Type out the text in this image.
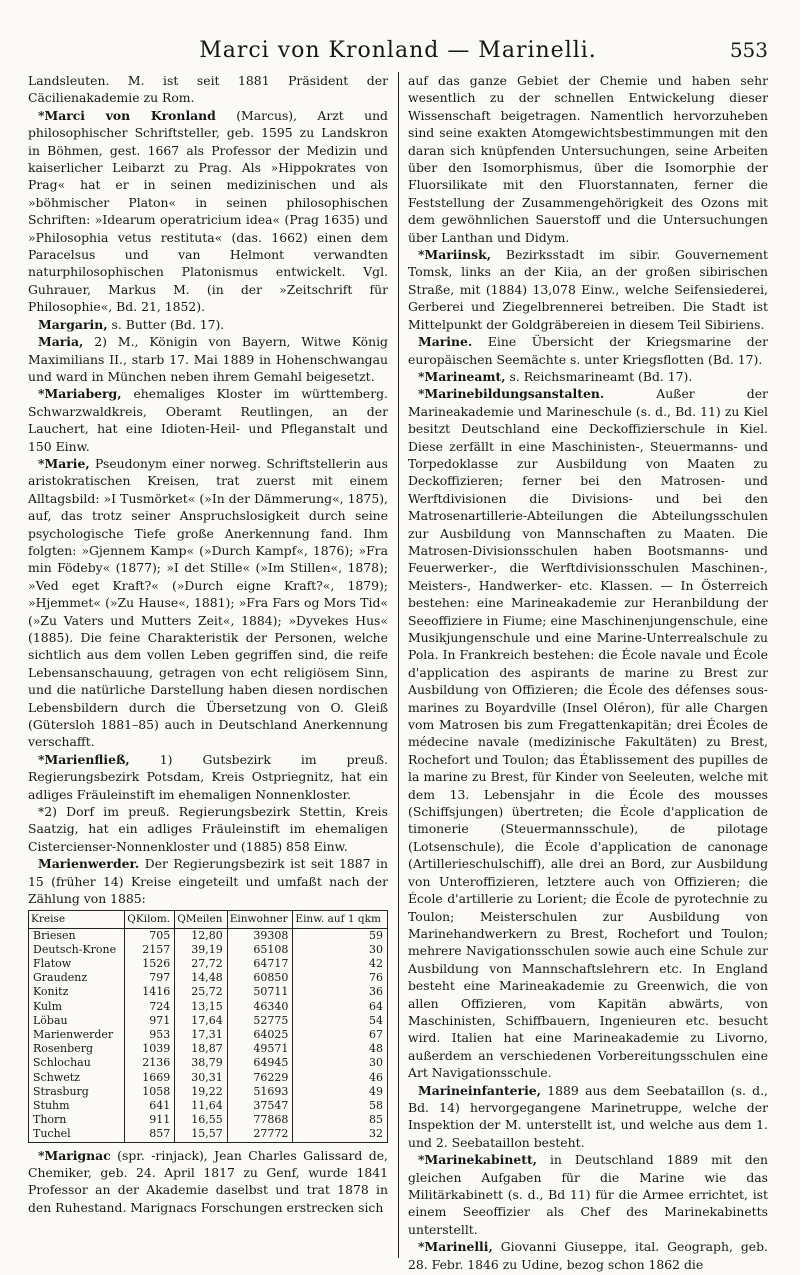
Marci von Kronland — Marinelli.	553

Landsleuten. M. ist seit 1881 Präsident der Cäcilienakademie zu Rom.

*Marci von Kronland (Marcus), Arzt und philosophischer Schriftsteller, geb. 1595 zu Landskron in Böhmen, gest. 1667 als Professor der Medizin und kaiserlicher Leibarzt zu Prag. Als »Hippokrates von Prag« hat er in seinen medizinischen und als »böhmischer Platon« in seinen philosophischen Schriften: »Idearum operatricium idea« (Prag 1635) und »Philosophia vetus restituta« (das. 1662) einen dem Paracelsus und van Helmont verwandten naturphilosophischen Platonismus entwickelt. Vgl. Guhrauer, Markus M. (in der »Zeitschrift für Philosophie«, Bd. 21, 1852).

Margarin, s. Butter (Bd. 17).

Maria, 2) M., Königin von Bayern, Witwe König Maximilians II., starb 17. Mai 1889 in Hohenschwangau und ward in München neben ihrem Gemahl beigesetzt.

*Mariaberg, ehemaliges Kloster im württemberg. Schwarzwaldkreis, Oberamt Reutlingen, an der Lauchert, hat eine Idioten-Heil- und Pfleganstalt und 150 Einw.

*Marie, Pseudonym einer norweg. Schriftstellerin aus aristokratischen Kreisen, trat zuerst mit einem Alltagsbild: »I Tusmörket« (»In der Dämmerung«, 1875), auf, das trotz seiner Anspruchslosigkeit durch seine psychologische Tiefe große Anerkennung fand. Ihm folgten: »Gjennem Kamp« (»Durch Kampf«, 1876); »Fra min Födeby« (1877); »I det Stille« (»Im Stillen«, 1878); »Ved eget Kraft?« (»Durch eigne Kraft?«, 1879); »Hjemmet« (»Zu Hause«, 1881); »Fra Fars og Mors Tid« (»Zu Vaters und Mutters Zeit«, 1884); »Dyvekes Hus« (1885). Die feine Charakteristik der Personen, welche sichtlich aus dem vollen Leben gegriffen sind, die reife Lebensanschauung, getragen von echt religiösem Sinn, und die natürliche Darstellung haben diesen nordischen Lebensbildern durch die Übersetzung von O. Gleiß (Gütersloh 1881–85) auch in Deutschland Anerkennung verschafft.

*Marienfließ, 1) Gutsbezirk im preuß. Regierungsbezirk Potsdam, Kreis Ostpriegnitz, hat ein adliges Fräuleinstift im ehemaligen Nonnenkloster.

*2) Dorf im preuß. Regierungsbezirk Stettin, Kreis Saatzig, hat ein adliges Fräuleinstift im ehemaligen Cistercienser-Nonnenkloster und (1885) 858 Einw.

Marienwerder. Der Regierungsbezirk ist seit 1887 in 15 (früher 14) Kreise eingeteilt und umfaßt nach der Zählung von 1885:

Kreise	QKilom.	QMeilen	Einwohner	Einw. auf 1 qkm
Briesen	705	12,80	39308	59
Deutsch-Krone	2157	39,19	65108	30
Flatow	1526	27,72	64717	42
Graudenz	797	14,48	60850	76
Konitz	1416	25,72	50711	36
Kulm	724	13,15	46340	64
Löbau	971	17,64	52775	54
Marienwerder	953	17,31	64025	67
Rosenberg	1039	18,87	49571	48
Schlochau	2136	38,79	64945	30
Schwetz	1669	30,31	76229	46
Strasburg	1058	19,22	51693	49
Stuhm	641	11,64	37547	58
Thorn	911	16,55	77868	85
Tuchel	857	15,57	27772	32

*Marignac (spr. -rinjack), Jean Charles Galissard de, Chemiker, geb. 24. April 1817 zu Genf, wurde 1841 Professor an der Akademie daselbst und trat 1878 in den Ruhestand. Marignacs Forschungen erstrecken sich

auf das ganze Gebiet der Chemie und haben sehr wesentlich zu der schnellen Entwickelung dieser Wissenschaft beigetragen. Namentlich hervorzuheben sind seine exakten Atomgewichtsbestimmungen mit den daran sich knüpfenden Untersuchungen, seine Arbeiten über den Isomorphismus, über die Isomorphie der Fluorsilikate mit den Fluorstannaten, ferner die Feststellung der Zusammengehörigkeit des Ozons mit dem gewöhnlichen Sauerstoff und die Untersuchungen über Lanthan und Didym.

*Mariinsk, Bezirksstadt im sibir. Gouvernement Tomsk, links an der Kiia, an der großen sibirischen Straße, mit (1884) 13,078 Einw., welche Seifensiederei, Gerberei und Ziegelbrennerei betreiben. Die Stadt ist Mittelpunkt der Goldgräbereien in diesem Teil Sibiriens.

Marine. Eine Übersicht der Kriegsmarine der europäischen Seemächte s. unter Kriegsflotten (Bd. 17).

*Marineamt, s. Reichsmarineamt (Bd. 17).

*Marinebildungsanstalten.	Außer der Marineakademie und Marineschule (s. d., Bd. 11) zu Kiel besitzt Deutschland eine Deckoffizierschule in Kiel. Diese zerfällt in eine Maschinisten-, Steuermanns- und Torpedoklasse zur Ausbildung von Maaten zu Deckoffizieren; ferner bei den Matrosen- und Werftdivisionen die Divisions- und bei den Matrosenartillerie-Abteilungen die Abteilungsschulen zur Ausbildung von Mannschaften zu Maaten. Die Matrosen-Divisionsschulen haben Bootsmanns- und Feuerwerker-, die Werftdivisionsschulen Maschinen-, Meisters-, Handwerker- etc. Klassen. — In Österreich bestehen: eine Marineakademie zur Heranbildung der Seeoffiziere in Fiume; eine Maschinenjungenschule, eine Musikjungenschule und eine Marine-Unterrealschule zu Pola. In Frankreich bestehen: die École navale und École d'application des aspirants de marine zu Brest zur Ausbildung von Offizieren; die École des défenses sous-marines zu Boyardville (Insel Oléron), für alle Chargen vom Matrosen bis zum Fregattenkapitän; drei Écoles de médecine navale (medizinische Fakultäten) zu Brest, Rochefort und Toulon; das Établissement des pupilles de la marine zu Brest, für Kinder von Seeleuten, welche mit dem 13. Lebensjahr in die École des mousses (Schiffsjungen) übertreten; die École d'application de timonerie (Steuermannsschule), de pilotage (Lotsenschule), die École d'application de canonage (Artillerieschulschiff), alle drei an Bord, zur Ausbildung von Unteroffizieren, letztere auch von Offizieren; die École d'artillerie zu Lorient; die École de pyrotechnie zu Toulon; Meisterschulen zur Ausbildung von Marinehandwerkern zu Brest, Rochefort und Toulon; mehrere Navigationsschulen sowie auch eine Schule zur Ausbildung von Mannschaftslehrern etc. In England besteht eine Marineakademie zu Greenwich, die von allen Offizieren, vom Kapitän abwärts, von Maschinisten, Schiffbauern, Ingenieuren etc. besucht wird. Italien hat eine Marineakademie zu Livorno, außerdem an verschiedenen Vorbereitungsschulen eine Art Navigationsschule.

Marineinfanterie, 1889 aus dem Seebataillon (s. d., Bd. 14) hervorgegangene Marinetruppe, welche der Inspektion der M. unterstellt ist, und welche aus dem 1. und 2. Seebataillon besteht.

*Marinekabinett, in Deutschland 1889 mit den gleichen Aufgaben für die Marine wie das Militärkabinett (s. d., Bd 11) für die Armee errichtet, ist einem Seeoffizier als Chef des Marinekabinetts unterstellt.

*Marinelli, Giovanni Giuseppe, ital. Geograph, geb. 28. Febr. 1846 zu Udine, bezog schon 1862 die
